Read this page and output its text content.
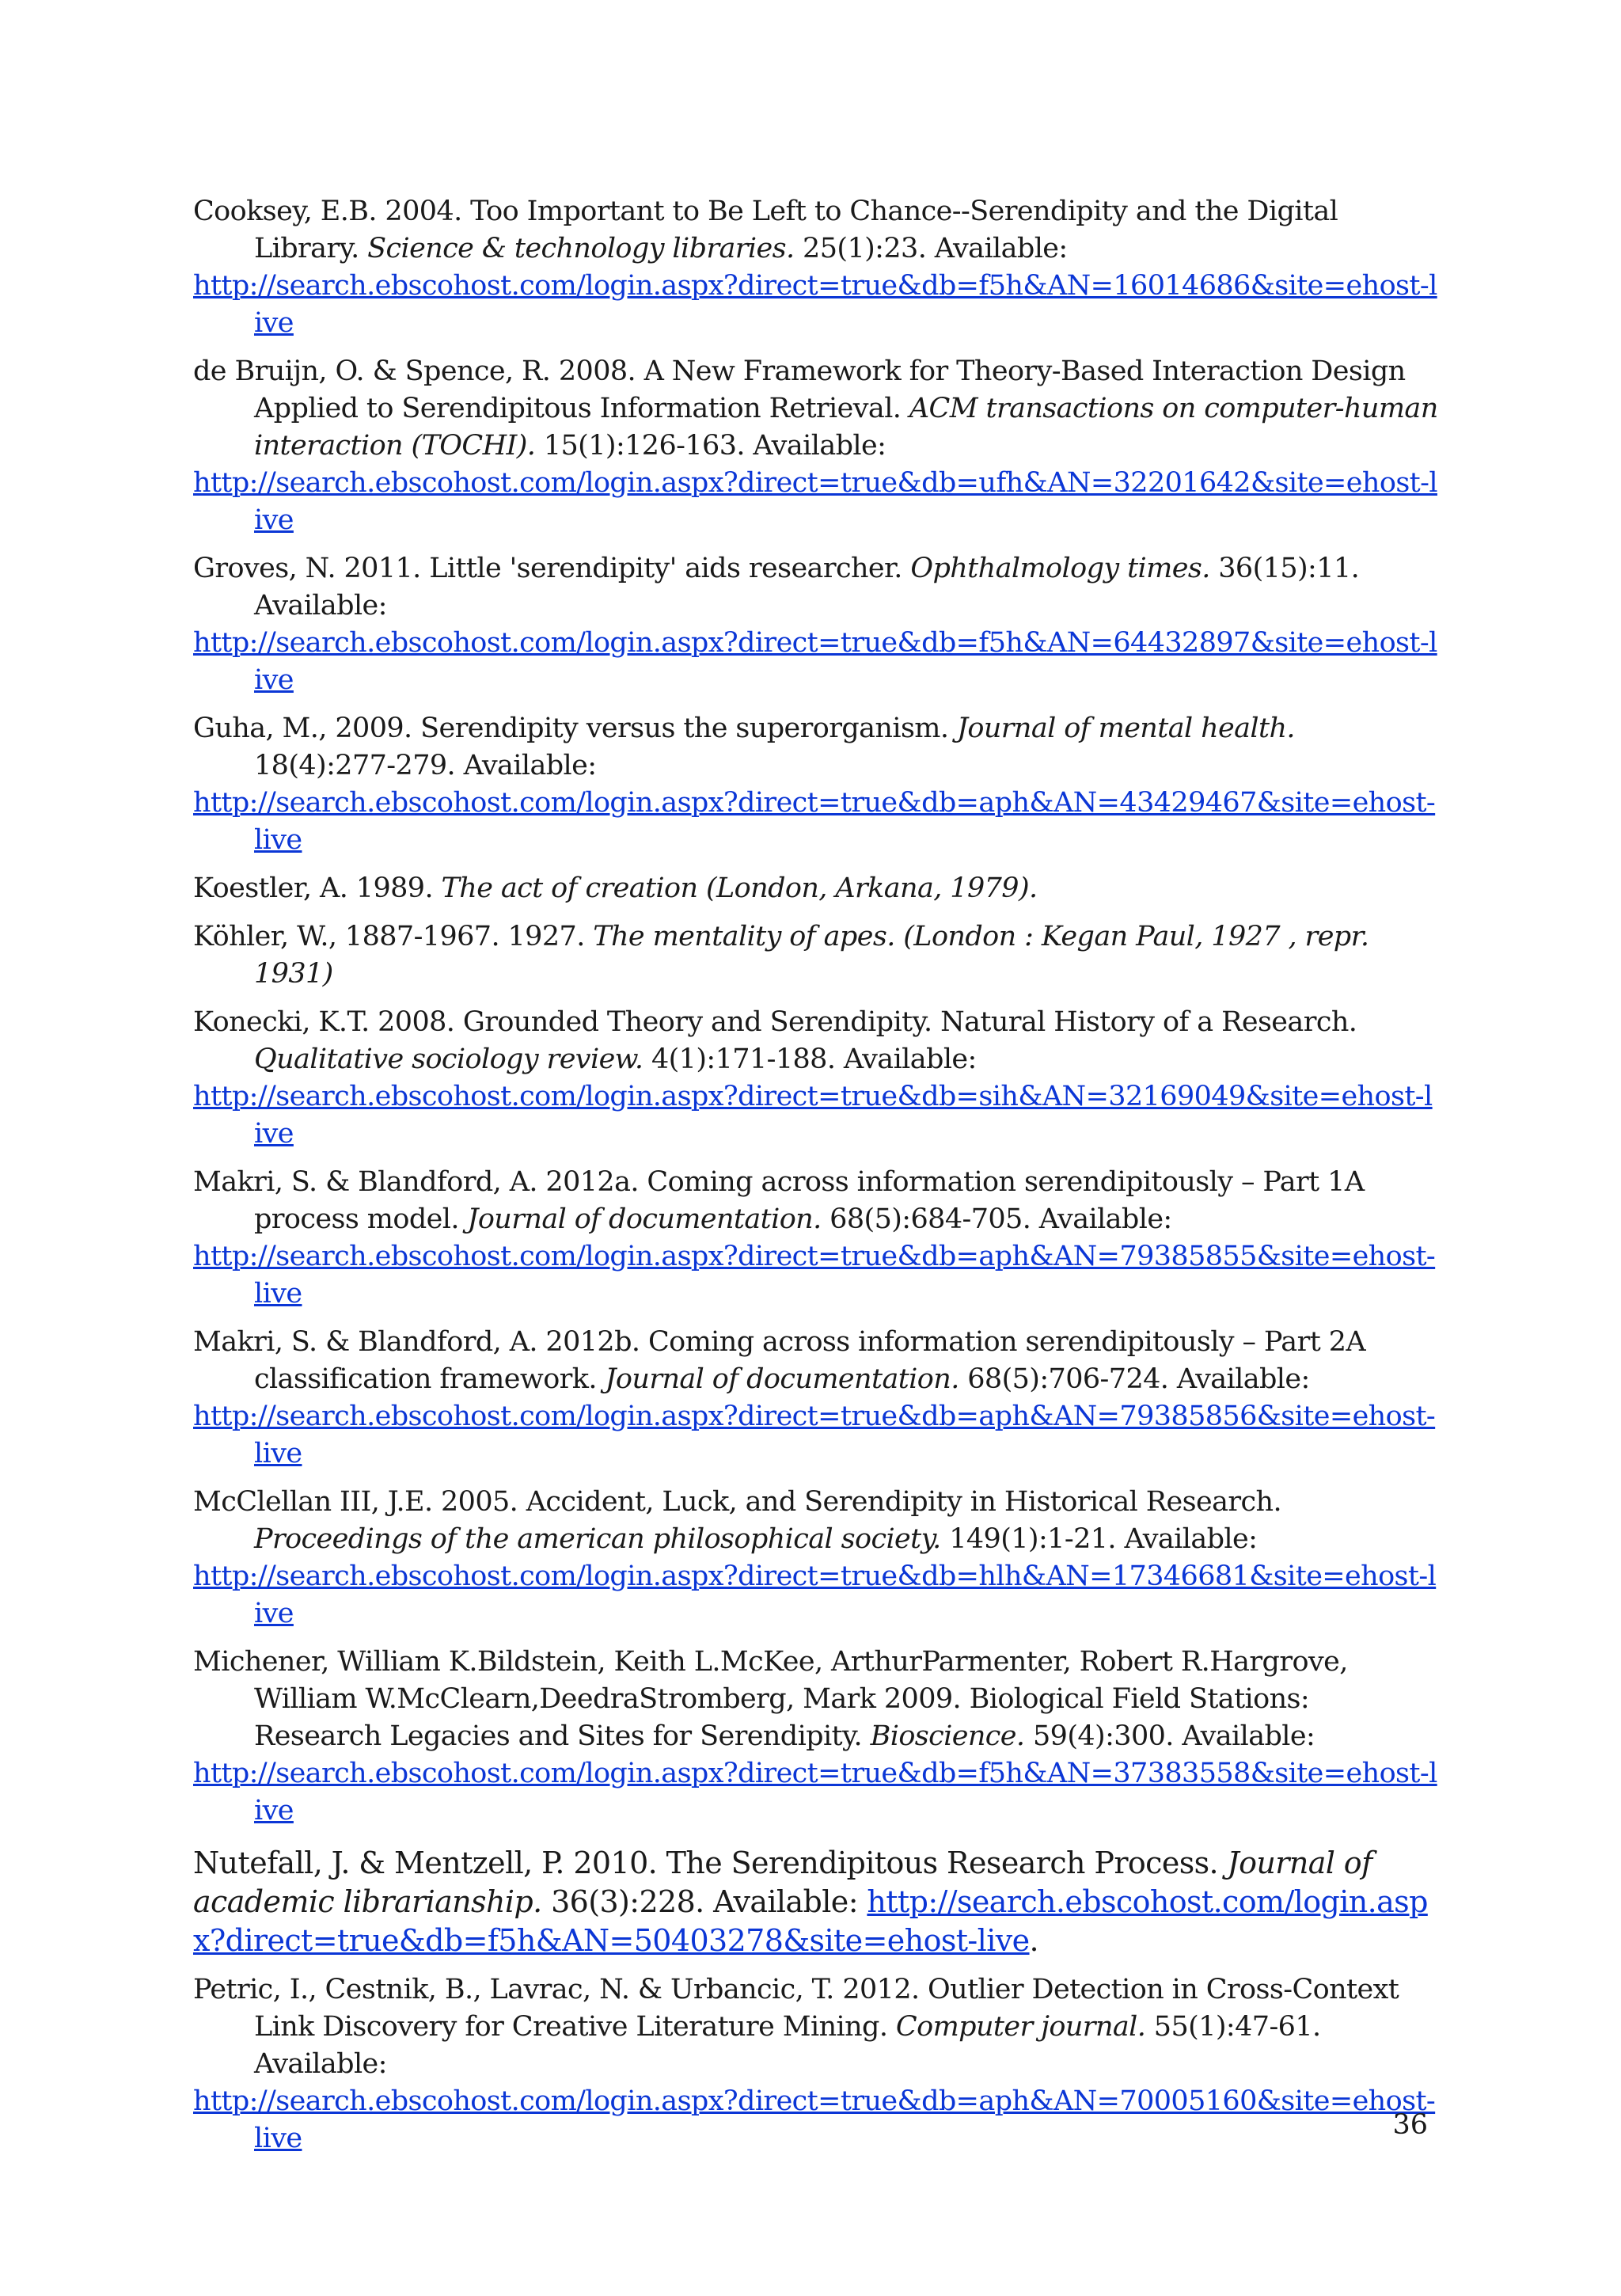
Cooksey, E.B. 2004. Too Important to Be Left to Chance--Serendipity and the Digital Library. Science & technology libraries. 25(1):23. Available:
http://search.ebscohost.com/login.aspx?direct=true&db=f5h&AN=16014686&site=ehost-live

de Bruijn, O. & Spence, R. 2008. A New Framework for Theory-Based Interaction Design Applied to Serendipitous Information Retrieval. ACM transactions on computer-human interaction (TOCHI). 15(1):126-163. Available:
http://search.ebscohost.com/login.aspx?direct=true&db=ufh&AN=32201642&site=ehost-live

Groves, N. 2011. Little 'serendipity' aids researcher. Ophthalmology times. 36(15):11. Available:
http://search.ebscohost.com/login.aspx?direct=true&db=f5h&AN=64432897&site=ehost-live

Guha, M., 2009. Serendipity versus the superorganism. Journal of mental health. 18(4):277-279. Available:
http://search.ebscohost.com/login.aspx?direct=true&db=aph&AN=43429467&site=ehost-live

Koestler, A. 1989. The act of creation (London, Arkana, 1979).

Köhler, W., 1887-1967. 1927. The mentality of apes. (London : Kegan Paul, 1927 , repr. 1931)

Konecki, K.T. 2008. Grounded Theory and Serendipity. Natural History of a Research. Qualitative sociology review. 4(1):171-188. Available:
http://search.ebscohost.com/login.aspx?direct=true&db=sih&AN=32169049&site=ehost-live

Makri, S. & Blandford, A. 2012a. Coming across information serendipitously – Part 1A process model. Journal of documentation. 68(5):684-705. Available:
http://search.ebscohost.com/login.aspx?direct=true&db=aph&AN=79385855&site=ehost-live

Makri, S. & Blandford, A. 2012b. Coming across information serendipitously – Part 2A classification framework. Journal of documentation. 68(5):706-724. Available:
http://search.ebscohost.com/login.aspx?direct=true&db=aph&AN=79385856&site=ehost-live

McClellan III, J.E. 2005. Accident, Luck, and Serendipity in Historical Research. Proceedings of the american philosophical society. 149(1):1-21. Available:
http://search.ebscohost.com/login.aspx?direct=true&db=hlh&AN=17346681&site=ehost-live

Michener, William K.Bildstein, Keith L.McKee, ArthurParmenter, Robert R.Hargrove, William W.McClearn,DeedraStromberg, Mark 2009. Biological Field Stations: Research Legacies and Sites for Serendipity. Bioscience. 59(4):300. Available:
http://search.ebscohost.com/login.aspx?direct=true&db=f5h&AN=37383558&site=ehost-live

Nutefall, J. & Mentzell, P. 2010. The Serendipitous Research Process. Journal of academic librarianship. 36(3):228. Available: http://search.ebscohost.com/login.aspx?direct=true&db=f5h&AN=50403278&site=ehost-live.

Petric, I., Cestnik, B., Lavrac, N. & Urbancic, T. 2012. Outlier Detection in Cross-Context Link Discovery for Creative Literature Mining. Computer journal. 55(1):47-61. Available:
http://search.ebscohost.com/login.aspx?direct=true&db=aph&AN=70005160&site=ehost-live	36
